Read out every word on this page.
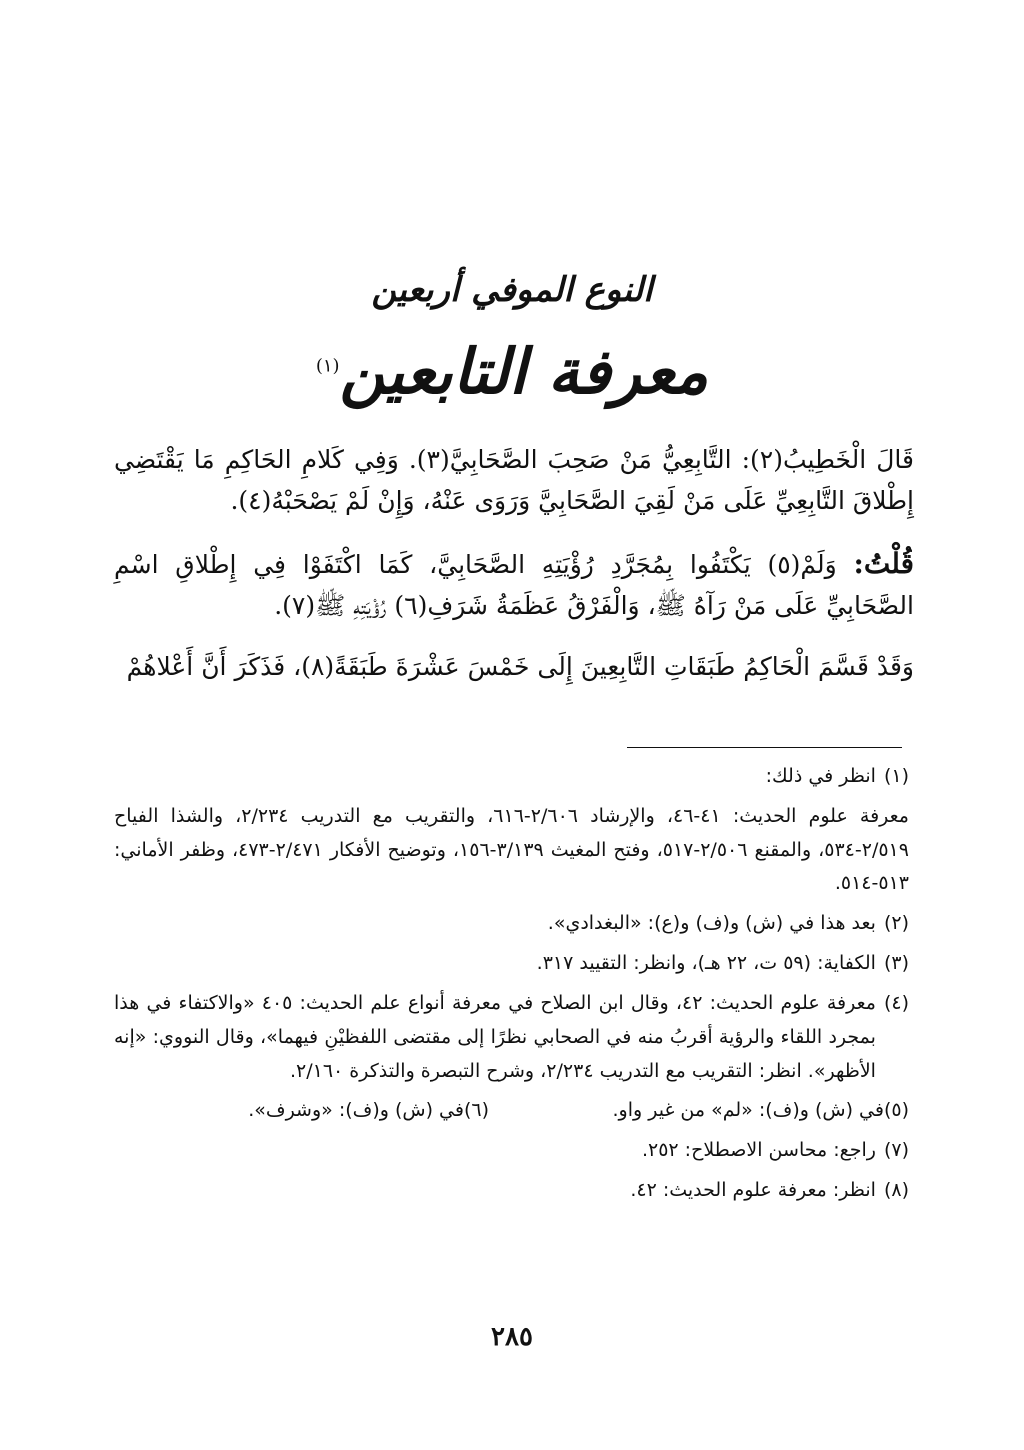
النوع الموفي أربعين
معرفة التابعين$^{(١)}$

قَالَ الْخَطِيبُ(٢): التَّابِعِيُّ مَنْ صَحِبَ الصَّحَابِيَّ(٣). وَفِي كَلامِ الحَاكِمِ مَا يَقْتَضِي إِطْلاقَ التَّابِعِيِّ عَلَى مَنْ لَقِيَ الصَّحَابِيَّ وَرَوَى عَنْهُ، وَإِنْ لَمْ يَصْحَبْهُ(٤).

قُلْتُ: وَلَمْ(٥) يَكْتَفُوا بِمُجَرَّدِ رُؤْيَتِهِ الصَّحَابِيَّ، كَمَا اكْتَفَوْا فِي إِطْلاقِ اسْمِ الصَّحَابِيِّ عَلَى مَنْ رَآهُ ﷺ، وَالْفَرْقُ عَظَمَةُ شَرَفِ(٦) رُؤْيَتِهِ ﷺ(٧).

وَقَدْ قَسَّمَ الْحَاكِمُ طَبَقَاتِ التَّابِعِينَ إِلَى خَمْسَ عَشْرَةَ طَبَقَةً(٨)، فَذَكَرَ أَنَّ أَعْلاهُمْ

(١)
انظر في ذلك:
معرفة علوم الحديث: ٤١-٤٦، والإرشاد ٢/٦٠٦-٦١٦، والتقريب مع التدريب ٢/٢٣٤، والشذا الفياح ٢/٥١٩-٥٣٤، والمقنع ٢/٥٠٦-٥١٧، وفتح المغيث ٣/١٣٩-١٥٦، وتوضيح الأفكار ٢/٤٧١-٤٧٣، وظفر الأماني: ٥١٣-٥١٤.
(٢)
بعد هذا في (ش) و(ف) و(ع): «البغدادي».
(٣)
الكفاية: (٥٩ ت، ٢٢ هـ)، وانظر: التقييد ٣١٧.
(٤)
معرفة علوم الحديث: ٤٢، وقال ابن الصلاح في معرفة أنواع علم الحديث: ٤٠٥ «والاكتفاء في هذا بمجرد اللقاء والرؤية أقربُ منه في الصحابي نظرًا إلى مقتضى اللفظيْنِ فيهما»، وقال النووي: «إنه الأظهر». انظر: التقريب مع التدريب ٢/٢٣٤، وشرح التبصرة والتذكرة ٢/١٦٠.
(٥)
في (ش) و(ف): «لم» من غير واو.
(٦)
في (ش) و(ف): «وشرف».
(٧)
راجع: محاسن الاصطلاح: ٢٥٢.
(٨)
انظر: معرفة علوم الحديث: ٤٢.
٢٨٥
